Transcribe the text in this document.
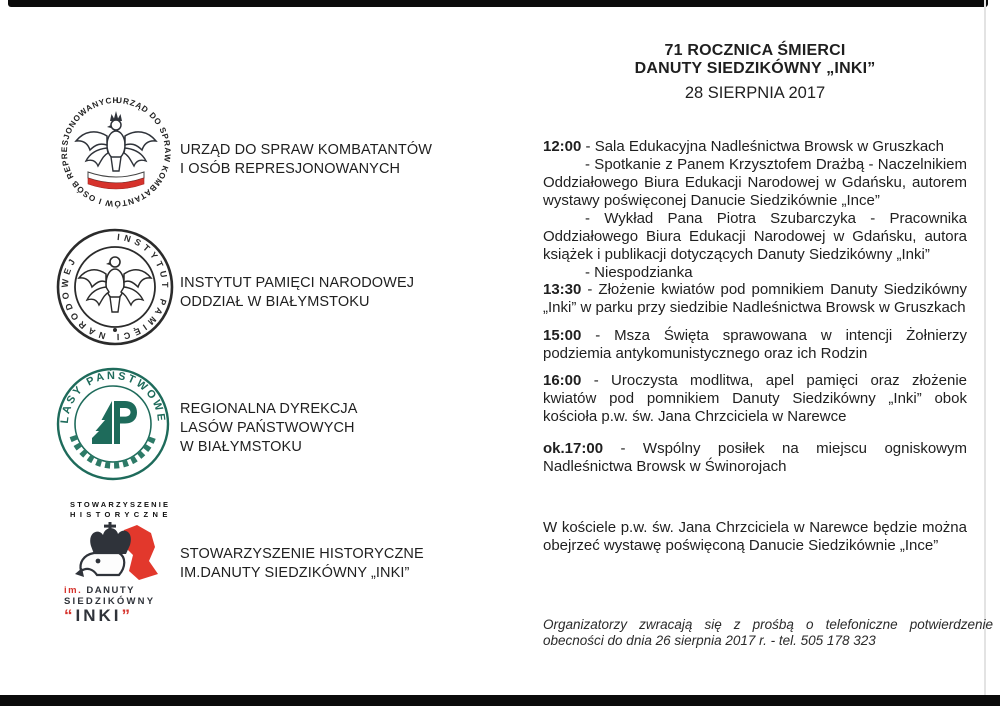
71 ROCZNICA ŚMIERCI
DANUTY SIEDZIKÓWNY „INKI”
28 SIERPNIA 2017

12:00 - Sala Edukacyjna Nadleśnictwa Browsk w Gruszkach

- Spotkanie z Panem Krzysztofem Drażbą - Naczelnikiem Oddziałowego Biura Edukacji Narodowej w Gdańsku, autorem wystawy poświęconej Danucie Siedzikównie „Ince”

- Wykład Pana Piotra Szubarczyka - Pracownika Oddziałowego Biura Edukacji Narodowej w Gdańsku, autora książek i publikacji dotyczących Danuty Siedzikówny „Inki”

- Niespodzianka

13:30 - Złożenie kwiatów pod pomnikiem Danuty Siedzikówny „Inki” w parku przy siedzibie Nadleśnictwa Browsk w Gruszkach

15:00 - Msza Święta sprawowana w intencji Żołnierzy podziemia antykomunistycznego oraz ich Rodzin

16:00 - Uroczysta modlitwa, apel pamięci oraz złożenie kwiatów pod pomnikiem Danuty Siedzikówny „Inki” obok kościoła p.w. św. Jana Chrzciciela w Narewce

ok.17:00 - Wspólny posiłek na miejscu ogniskowym Nadleśnictwa Browsk w Świnorojach

W kościele p.w. św. Jana Chrzciciela w Narewce będzie można obejrzeć wystawę poświęconą Danucie Siedzikównie „Ince”
Organizatorzy zwracają się z prośbą o telefoniczne potwierdzenie obecności do dnia 26 sierpnia 2017 r. - tel. 505 178 323
URZĄD DO SPRAW KOMBATANTÓW I OSÓB REPRESJONOWANYCH
URZĄD DO SPRAW KOMBATANTÓW
I OSÓB REPRESJONOWANYCH
INSTYTUT PAMIĘCI NARODOWEJ
INSTYTUT PAMIĘCI NARODOWEJ
ODDZIAŁ W BIAŁYMSTOKU
LASY PAŃSTWOWE
REGIONALNA DYREKCJA
LASÓW PAŃSTWOWYCH
W BIAŁYMSTOKU
STOWARZYSZENIE
HISTORYCZNE
im. DANUTY
SIEDZIKÓWNY
“INKI”
STOWARZYSZENIE HISTORYCZNE
IM.DANUTY SIEDZIKÓWNY „INKI”
